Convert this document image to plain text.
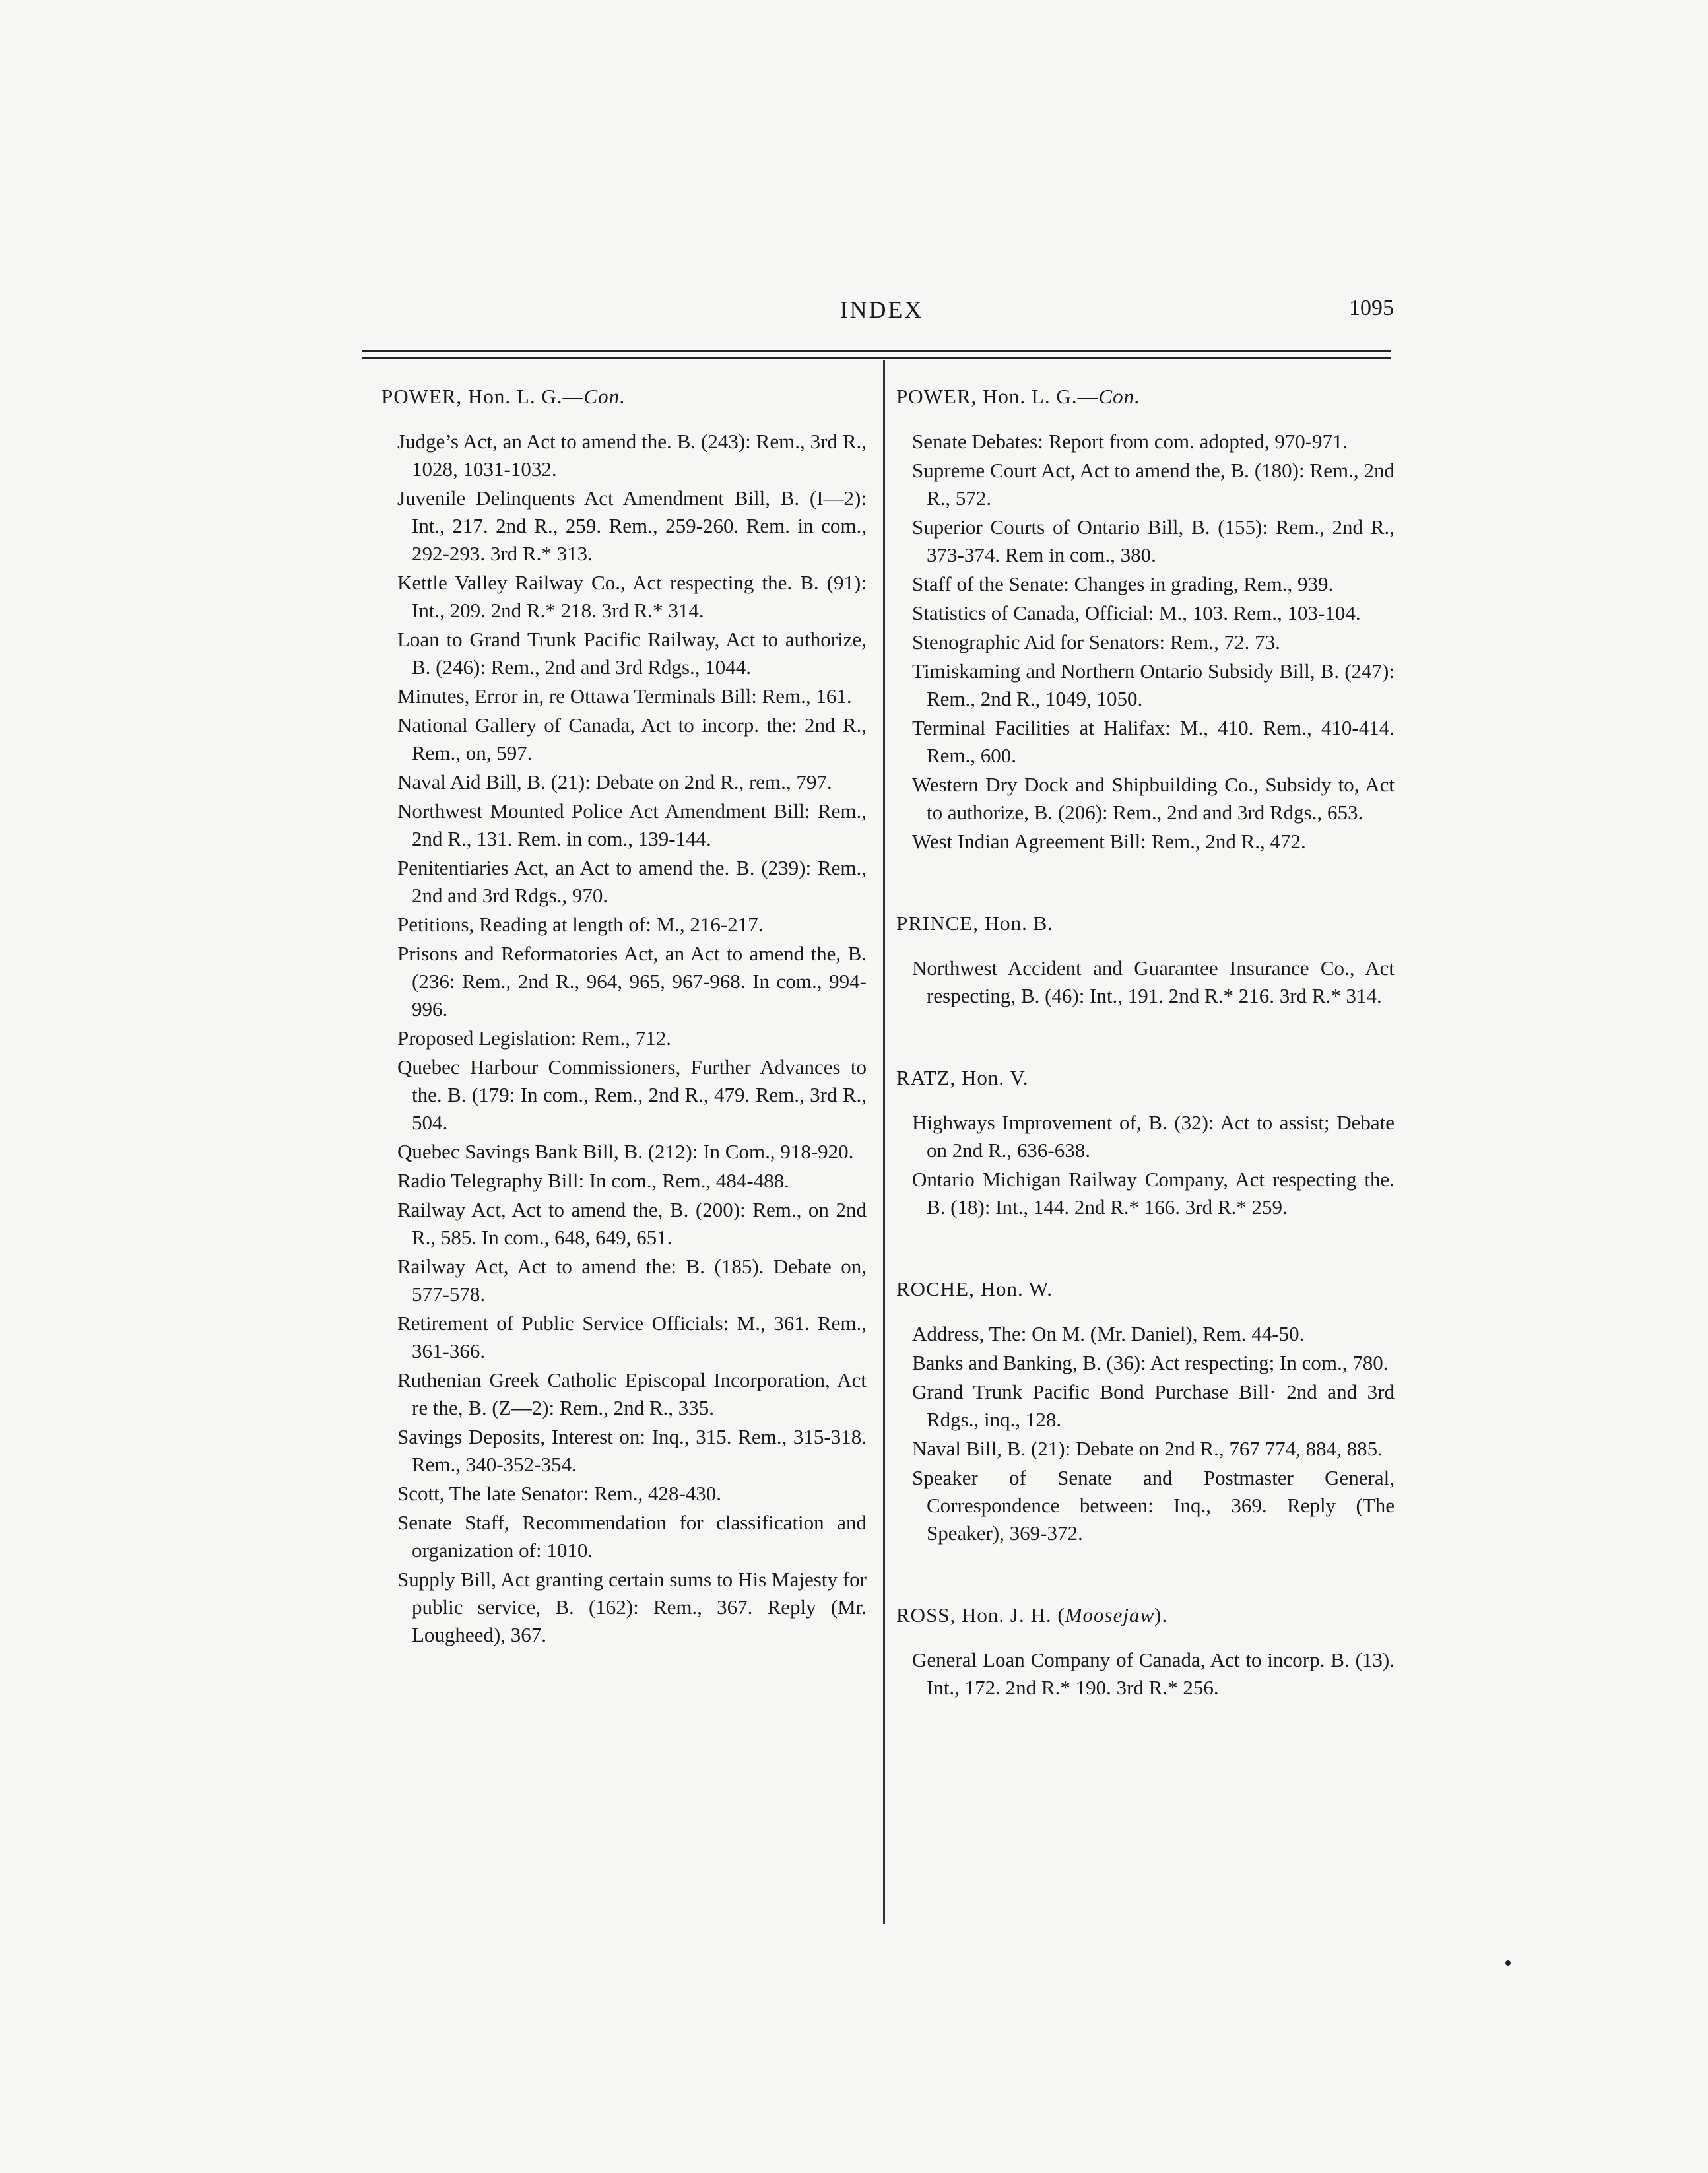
INDEX	1095

POWER, Hon. L. G.—Con.

Judge’s Act, an Act to amend the. B. (243): Rem., 3rd R., 1028, 1031-1032.

Juvenile Delinquents Act Amendment Bill, B. (I—2): Int., 217. 2nd R., 259. Rem., 259-260. Rem. in com., 292-293. 3rd R.* 313.

Kettle Valley Railway Co., Act respecting the. B. (91): Int., 209. 2nd R.* 218. 3rd R.* 314.

Loan to Grand Trunk Pacific Railway, Act to authorize, B. (246): Rem., 2nd and 3rd Rdgs., 1044.

Minutes, Error in, re Ottawa Terminals Bill: Rem., 161.

National Gallery of Canada, Act to incorp. the: 2nd R., Rem., on, 597.

Naval Aid Bill, B. (21): Debate on 2nd R., rem., 797.

Northwest Mounted Police Act Amendment Bill: Rem., 2nd R., 131. Rem. in com., 139-144.

Penitentiaries Act, an Act to amend the. B. (239): Rem., 2nd and 3rd Rdgs., 970.

Petitions, Reading at length of: M., 216-217.

Prisons and Reformatories Act, an Act to amend the, B. (236: Rem., 2nd R., 964, 965, 967-968. In com., 994-996.

Proposed Legislation: Rem., 712.

Quebec Harbour Commissioners, Further Advances to the. B. (179: In com., Rem., 2nd R., 479. Rem., 3rd R., 504.

Quebec Savings Bank Bill, B. (212): In Com., 918-920.

Radio Telegraphy Bill: In com., Rem., 484-488.

Railway Act, Act to amend the, B. (200): Rem., on 2nd R., 585. In com., 648, 649, 651.

Railway Act, Act to amend the: B. (185). Debate on, 577-578.

Retirement of Public Service Officials: M., 361. Rem., 361-366.

Ruthenian Greek Catholic Episcopal Incorporation, Act re the, B. (Z—2): Rem., 2nd R., 335.

Savings Deposits, Interest on: Inq., 315. Rem., 315-318. Rem., 340-352-354.

Scott, The late Senator: Rem., 428-430.

Senate Staff, Recommendation for classification and organization of: 1010.

Supply Bill, Act granting certain sums to His Majesty for public service, B. (162): Rem., 367. Reply (Mr. Lougheed), 367.

POWER, Hon. L. G.—Con.

Senate Debates: Report from com. adopted, 970-971.

Supreme Court Act, Act to amend the, B. (180): Rem., 2nd R., 572.

Superior Courts of Ontario Bill, B. (155): Rem., 2nd R., 373-374. Rem in com., 380.

Staff of the Senate: Changes in grading, Rem., 939.

Statistics of Canada, Official: M., 103. Rem., 103-104.

Stenographic Aid for Senators: Rem., 72. 73.

Timiskaming and Northern Ontario Subsidy Bill, B. (247): Rem., 2nd R., 1049, 1050.

Terminal Facilities at Halifax: M., 410. Rem., 410-414. Rem., 600.

Western Dry Dock and Shipbuilding Co., Subsidy to, Act to authorize, B. (206): Rem., 2nd and 3rd Rdgs., 653.

West Indian Agreement Bill: Rem., 2nd R., 472.

PRINCE, Hon. B.

Northwest Accident and Guarantee Insurance Co., Act respecting, B. (46): Int., 191. 2nd R.* 216. 3rd R.* 314.

RATZ, Hon. V.

Highways Improvement of, B. (32): Act to assist; Debate on 2nd R., 636-638.

Ontario Michigan Railway Company, Act respecting the. B. (18): Int., 144. 2nd R.* 166. 3rd R.* 259.

ROCHE, Hon. W.

Address, The: On M. (Mr. Daniel), Rem. 44-50.

Banks and Banking, B. (36): Act respecting; In com., 780.

Grand Trunk Pacific Bond Purchase Bill· 2nd and 3rd Rdgs., inq., 128.

Naval Bill, B. (21): Debate on 2nd R., 767 774, 884, 885.

Speaker of Senate and Postmaster General, Correspondence between: Inq., 369. Reply (The Speaker), 369-372.

ROSS, Hon. J. H. (Moosejaw).

General Loan Company of Canada, Act to incorp. B. (13). Int., 172. 2nd R.* 190. 3rd R.* 256.
